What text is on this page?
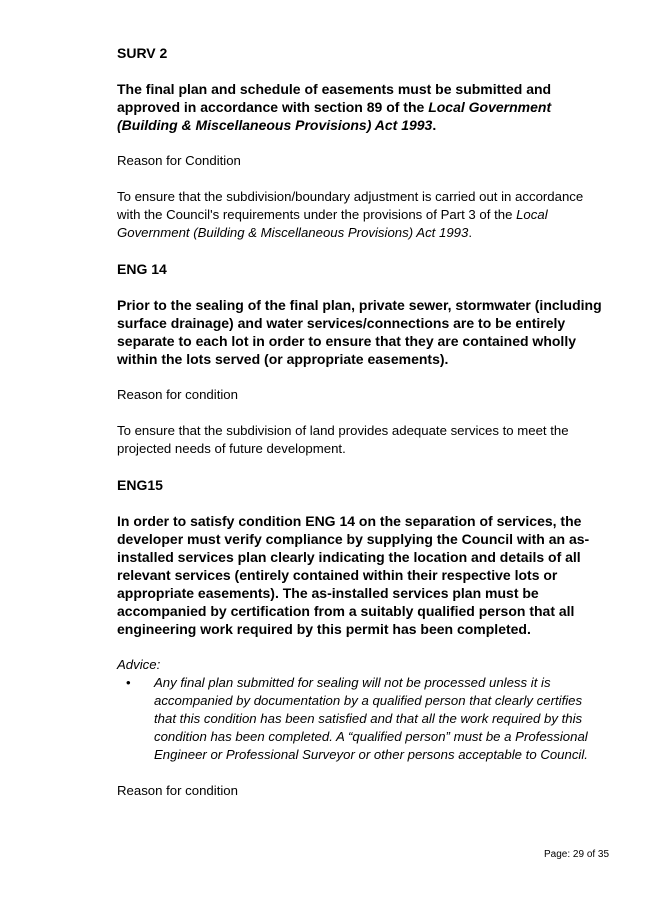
SURV 2

The final plan and schedule of easements must be submitted and approved in accordance with section 89 of the Local Government (Building & Miscellaneous Provisions) Act 1993.

Reason for Condition

To ensure that the subdivision/boundary adjustment is carried out in accordance with the Council's requirements under the provisions of Part 3 of the Local Government (Building & Miscellaneous Provisions) Act 1993.

ENG 14

Prior to the sealing of the final plan, private sewer, stormwater (including surface drainage) and water services/connections are to be entirely separate to each lot in order to ensure that they are contained wholly within the lots served (or appropriate easements).

Reason for condition

To ensure that the subdivision of land provides adequate services to meet the projected needs of future development.

ENG15

In order to satisfy condition ENG 14 on the separation of services, the developer must verify compliance by supplying the Council with an as-installed services plan clearly indicating the location and details of all relevant services (entirely contained within their respective lots or appropriate easements). The as-installed services plan must be accompanied by certification from a suitably qualified person that all engineering work required by this permit has been completed.

Advice:

• Any final plan submitted for sealing will not be processed unless it is accompanied by documentation by a qualified person that clearly certifies that this condition has been satisfied and that all the work required by this condition has been completed. A “qualified person” must be a Professional Engineer or Professional Surveyor or other persons acceptable to Council.

Reason for condition

Page: 29 of 35
